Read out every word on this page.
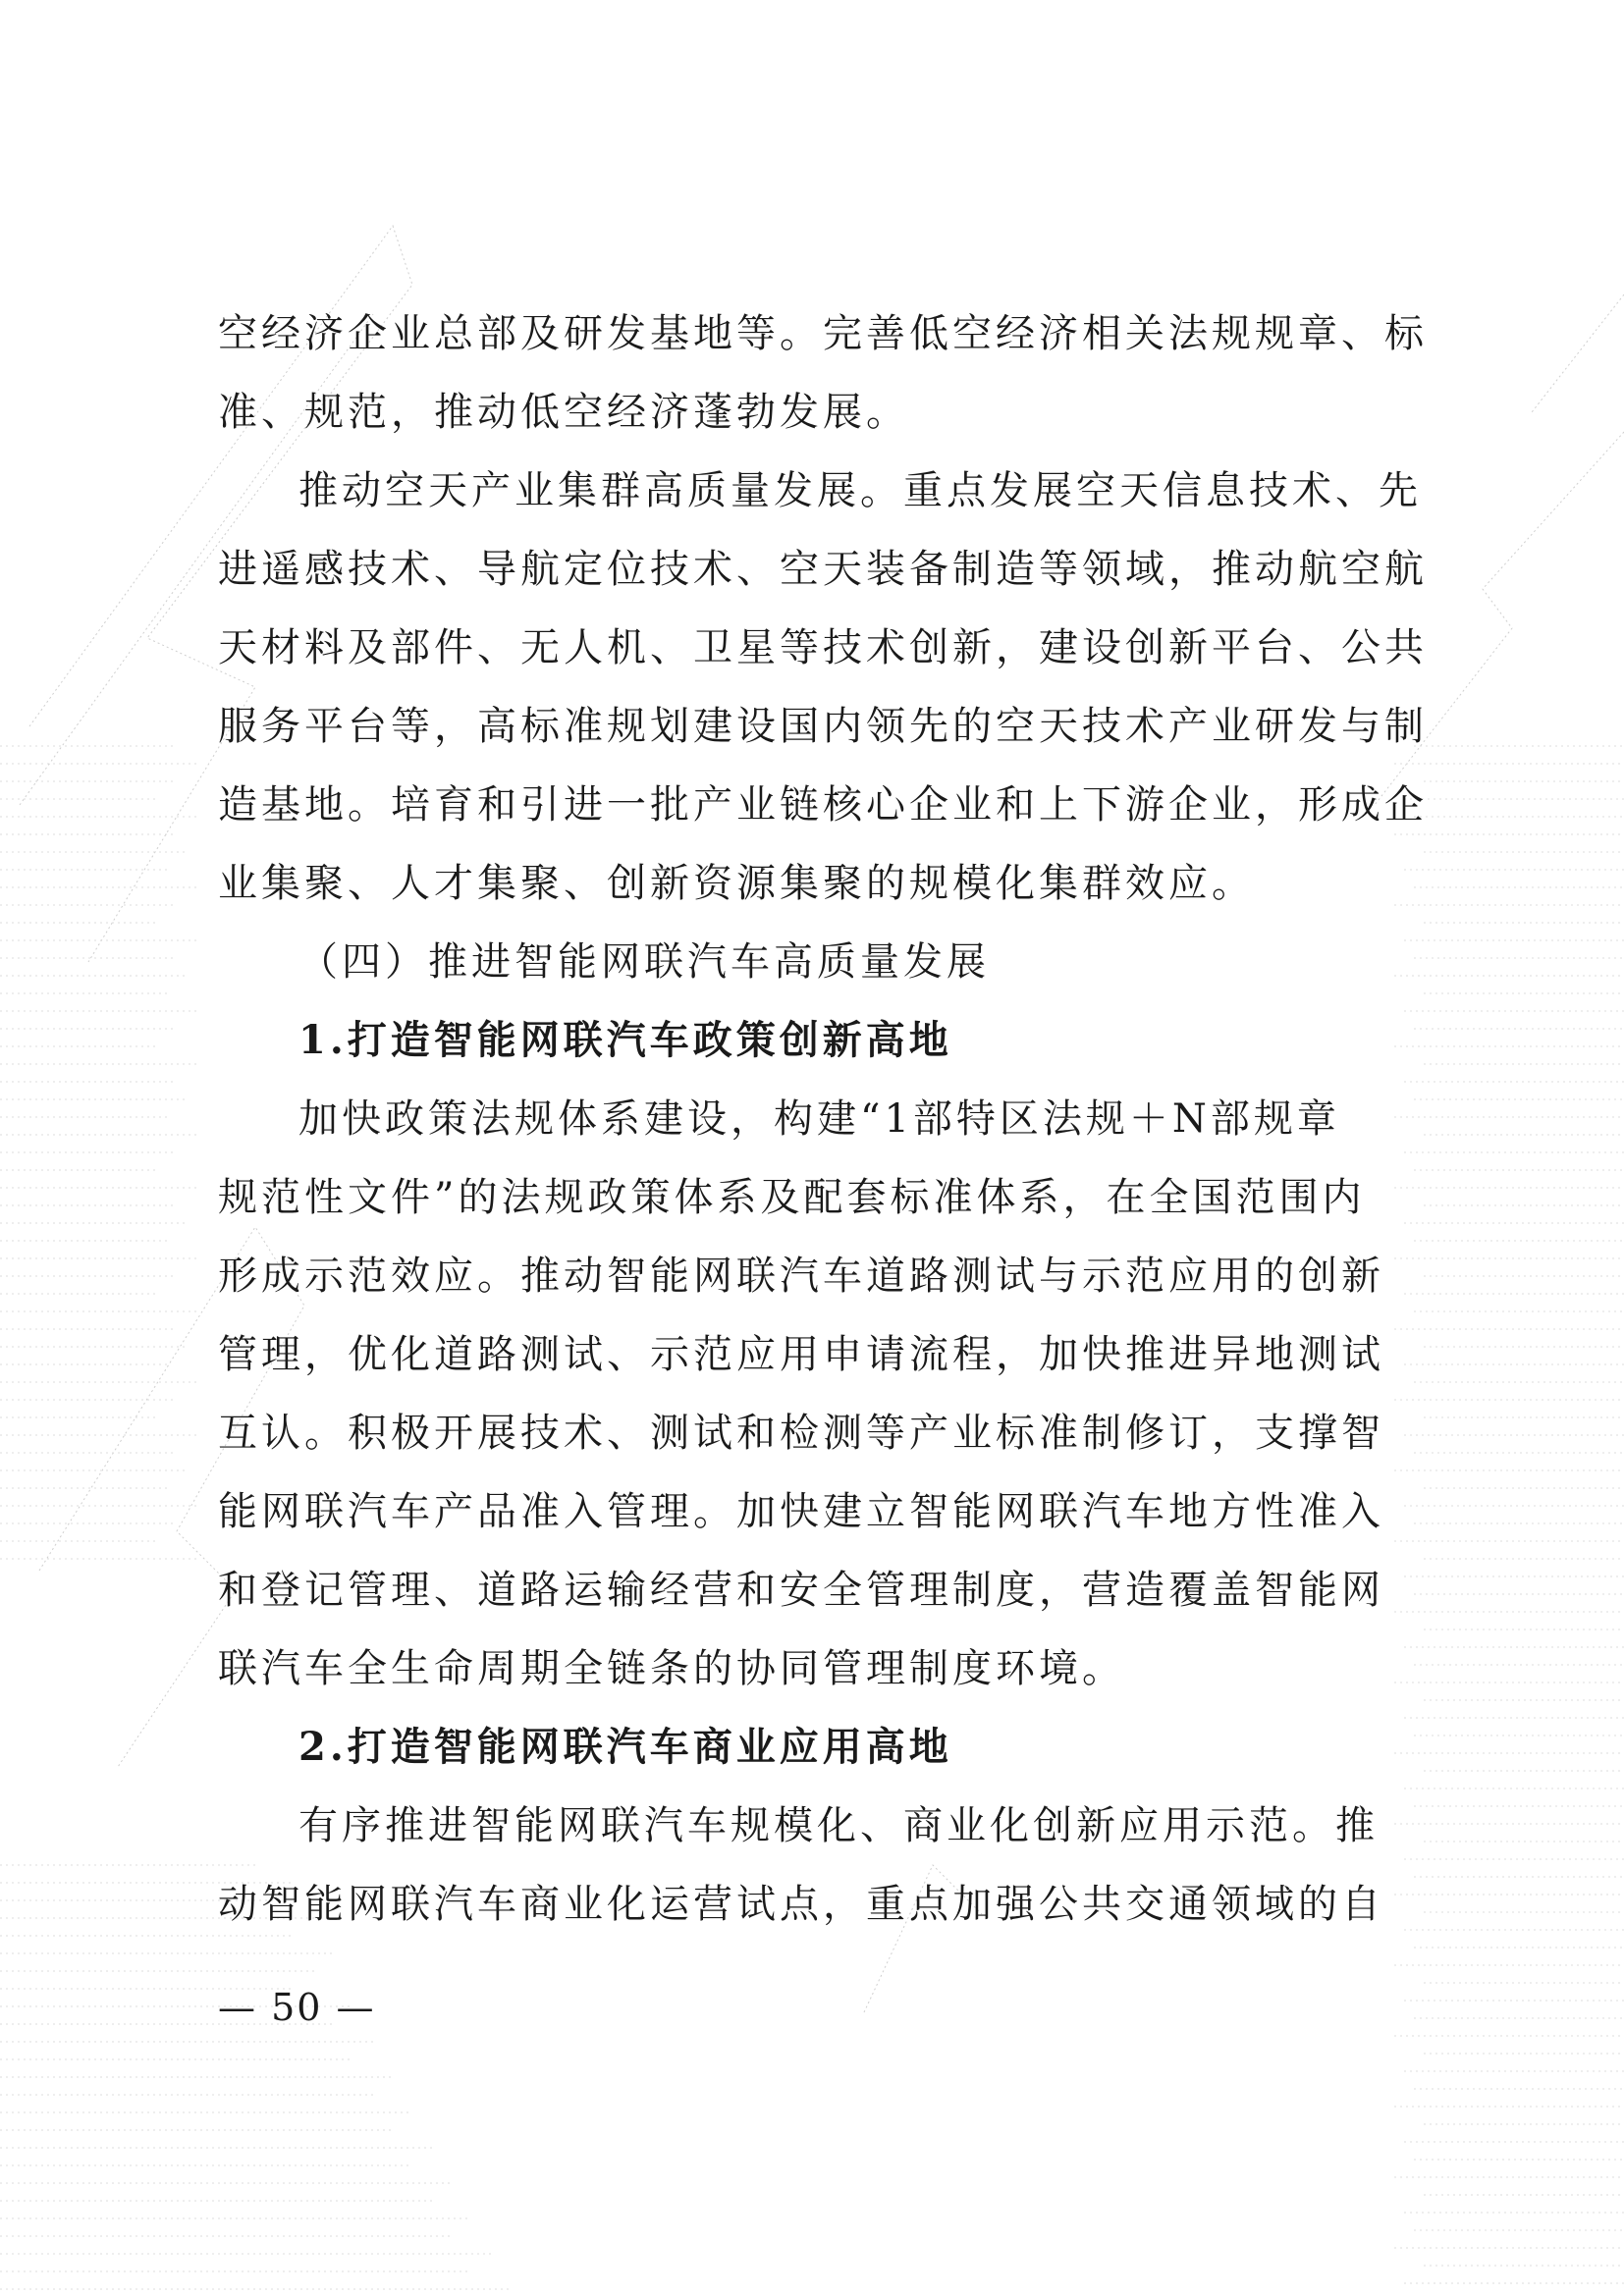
空经济企业总部及研发基地等。完善低空经济相关法规规章、标
准、规范，推动低空经济蓬勃发展。
推动空天产业集群高质量发展。重点发展空天信息技术、先
进遥感技术、导航定位技术、空天装备制造等领域，推动航空航
天材料及部件、无人机、卫星等技术创新，建设创新平台、公共
服务平台等，高标准规划建设国内领先的空天技术产业研发与制
造基地。培育和引进一批产业链核心企业和上下游企业，形成企
业集聚、人才集聚、创新资源集聚的规模化集群效应。
（四）推进智能网联汽车高质量发展
1.打造智能网联汽车政策创新高地
加快政策法规体系建设，构建“1部特区法规＋N部规章
规范性文件”的法规政策体系及配套标准体系，在全国范围内
形成示范效应。推动智能网联汽车道路测试与示范应用的创新
管理，优化道路测试、示范应用申请流程，加快推进异地测试
互认。积极开展技术、测试和检测等产业标准制修订，支撑智
能网联汽车产品准入管理。加快建立智能网联汽车地方性准入
和登记管理、道路运输经营和安全管理制度，营造覆盖智能网
联汽车全生命周期全链条的协同管理制度环境。
2.打造智能网联汽车商业应用高地
有序推进智能网联汽车规模化、商业化创新应用示范。推
动智能网联汽车商业化运营试点，重点加强公共交通领域的自
— 50 —
